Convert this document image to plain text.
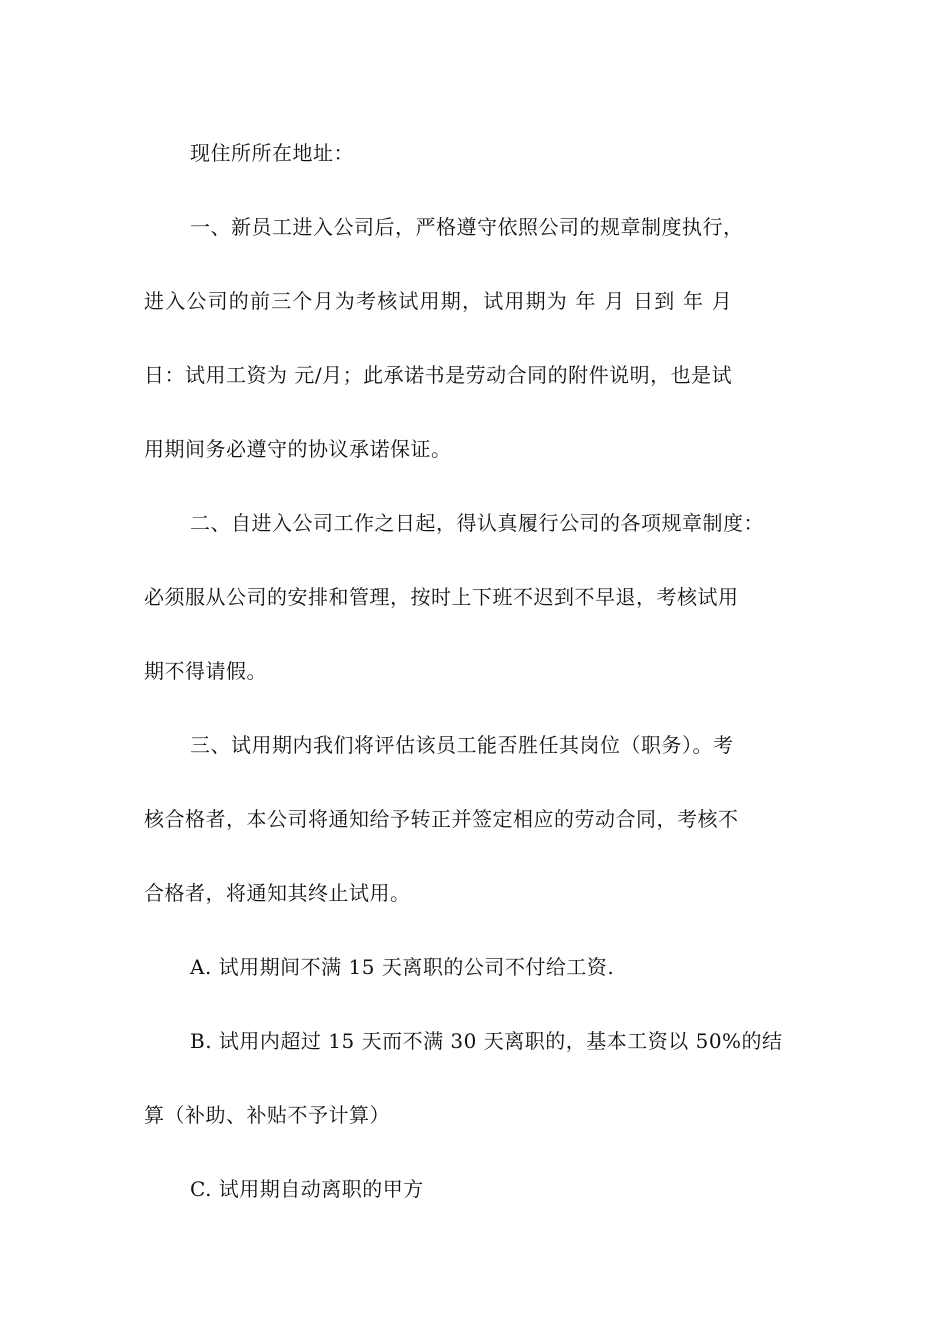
现住所所在地址：
一、新员工进入公司后，严格遵守依照公司的规章制度执行，
进入公司的前三个月为考核试用期，试用期为 年 月 日到 年 月
日：试用工资为 元/月；此承诺书是劳动合同的附件说明，也是试
用期间务必遵守的协议承诺保证。
二、自进入公司工作之日起，得认真履行公司的各项规章制度：
必须服从公司的安排和管理，按时上下班不迟到不早退，考核试用
期不得请假。
三、试用期内我们将评估该员工能否胜任其岗位（职务）。考
核合格者，本公司将通知给予转正并签定相应的劳动合同，考核不
合格者，将通知其终止试用。
A. 试用期间不满 15 天离职的公司不付给工资.
B. 试用内超过 15 天而不满 30 天离职的，基本工资以 50%的结
算（补助、补贴不予计算）
C. 试用期自动离职的甲方
